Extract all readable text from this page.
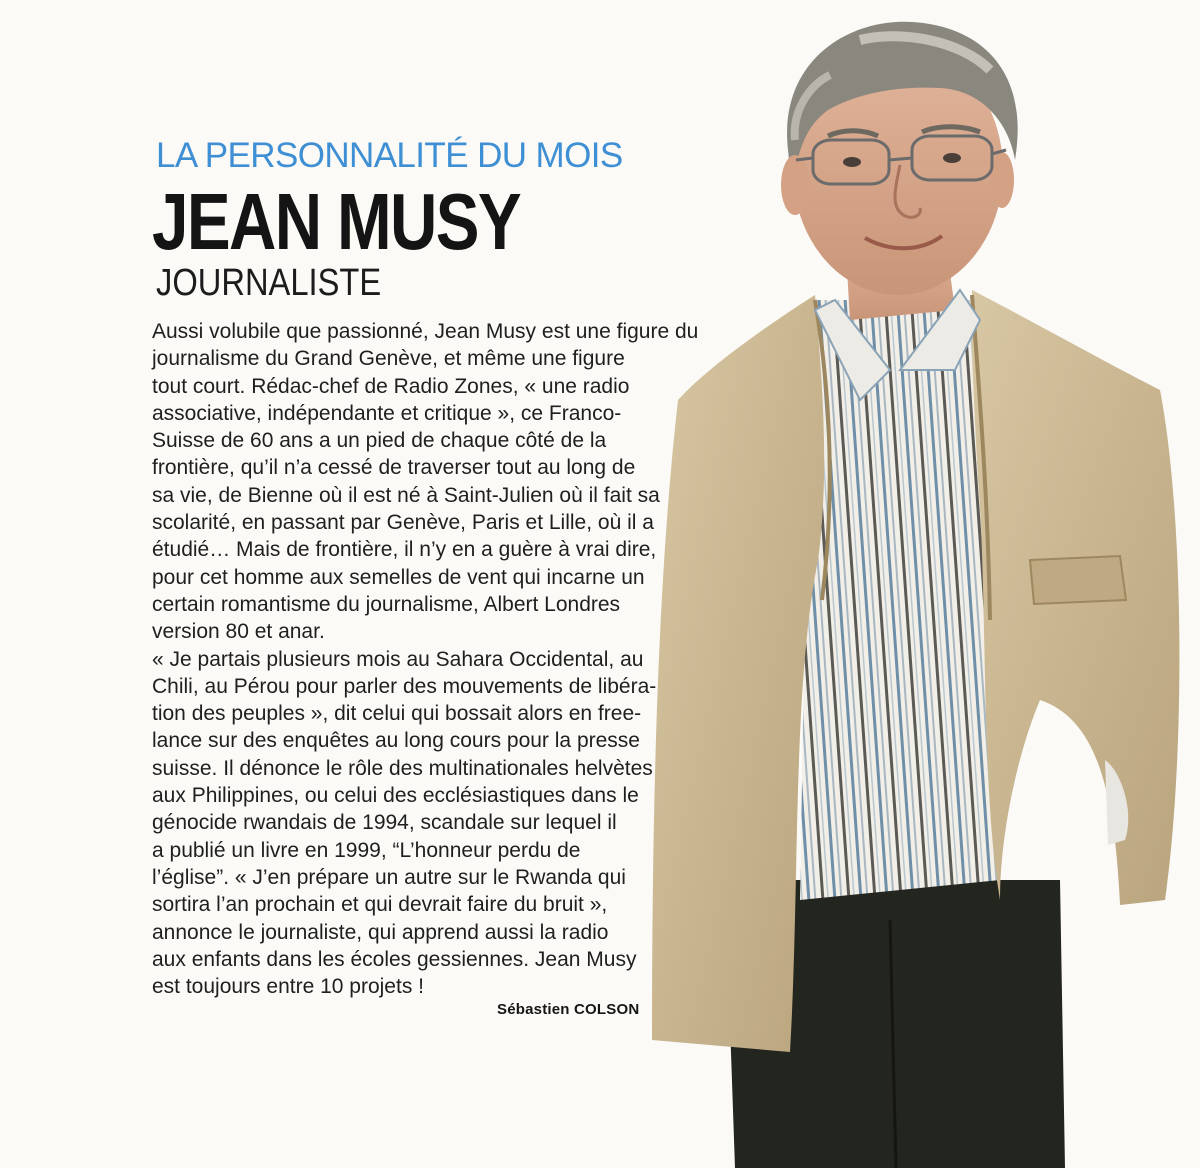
LA PERSONNALITÉ DU MOIS
JEAN MUSY
JOURNALISTE
Aussi volubile que passionné, Jean Musy est une figure du
journalisme du Grand Genève, et même une figure
tout court. Rédac-chef de Radio Zones, « une radio
associative, indépendante et critique », ce Franco-
Suisse de 60 ans a un pied de chaque côté de la
frontière, qu’il n’a cessé de traverser tout au long de
sa vie, de Bienne où il est né à Saint-Julien où il fait sa
scolarité, en passant par Genève, Paris et Lille, où il a
étudié… Mais de frontière, il n’y en a guère à vrai dire,
pour cet homme aux semelles de vent qui incarne un
certain romantisme du journalisme, Albert Londres
version 80 et anar.
« Je partais plusieurs mois au Sahara Occidental, au
Chili, au Pérou pour parler des mouvements de libéra-
tion des peuples », dit celui qui bossait alors en free-
lance sur des enquêtes au long cours pour la presse
suisse. Il dénonce le rôle des multinationales helvètes
aux Philippines, ou celui des ecclésiastiques dans le
génocide rwandais de 1994, scandale sur lequel il
a publié un livre en 1999, “L’honneur perdu de
l’église”. « J’en prépare un autre sur le Rwanda qui
sortira l’an prochain et qui devrait faire du bruit »,
annonce le journaliste, qui apprend aussi la radio
aux enfants dans les écoles gessiennes. Jean Musy
est toujours entre 10 projets !
Sébastien COLSON
